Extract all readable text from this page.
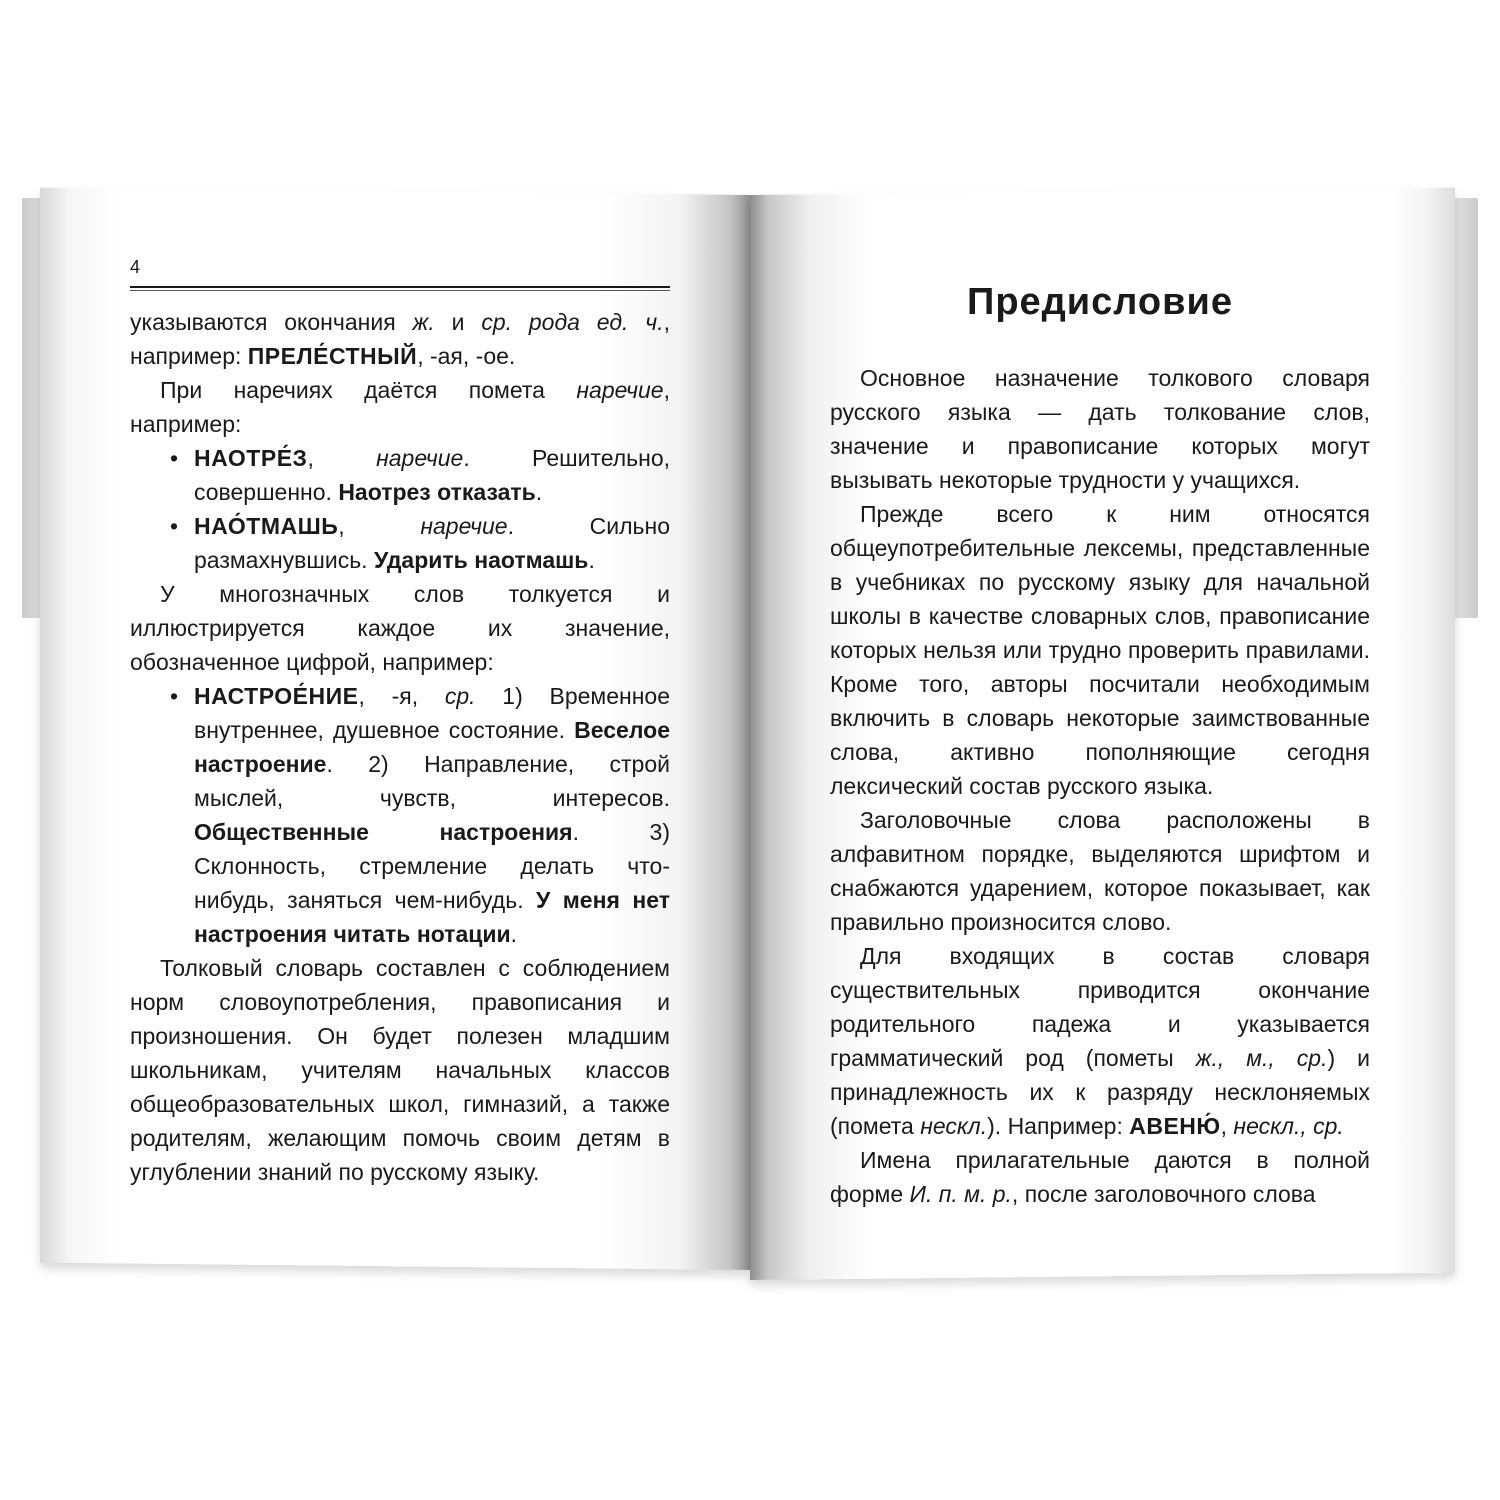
4

указываются окончания ж. и ср. рода ед. ч., например: ПРЕЛЕ́СТНЫЙ, -ая, -ое.

При наречиях даётся помета наречие, например:

• НАОТРЕ́З, наречие. Решительно, совершенно. Наотрез отказать.

• НАО́ТМАШЬ, наречие. Сильно размахнувшись. Ударить наотмашь.

У многозначных слов толкуется и иллюстрируется каждое их значение, обозначенное цифрой, например:

• НАСТРОЕ́НИЕ, -я, ср. 1) Временное внутреннее, душевное состояние. Веселое настроение. 2) Направление, строй мыслей, чувств, интересов. Общественные настроения. 3) Склонность, стремление делать что-нибудь, заняться чем-нибудь. У меня нет настроения читать нотации.

Толковый словарь составлен с соблюдением норм словоупотребления, правописания и произношения. Он будет полезен младшим школьникам, учителям начальных классов общеобразовательных школ, гимназий, а также родителям, желающим помочь своим детям в углублении знаний по русскому языку.

Предисловие

Основное назначение толкового словаря русского языка — дать толкование слов, значение и правописание которых могут вызывать некоторые трудности у учащихся.

Прежде всего к ним относятся общеупотребительные лексемы, представленные в учебниках по русскому языку для начальной школы в качестве словарных слов, правописание которых нельзя или трудно проверить правилами. Кроме того, авторы посчитали необходимым включить в словарь некоторые заимствованные слова, активно пополняющие сегодня лексический состав русского языка.

Заголовочные слова расположены в алфавитном порядке, выделяются шрифтом и снабжаются ударением, которое показывает, как правильно произносится слово.

Для входящих в состав словаря существительных приводится окончание родительного падежа и указывается грамматический род (пометы ж., м., ср.) и принадлежность их к разряду несклоняемых (помета нескл.). Например: АВЕНЮ́, нескл., ср.

Имена прилагательные даются в полной форме И. п. м. р., после заголовочного слова
